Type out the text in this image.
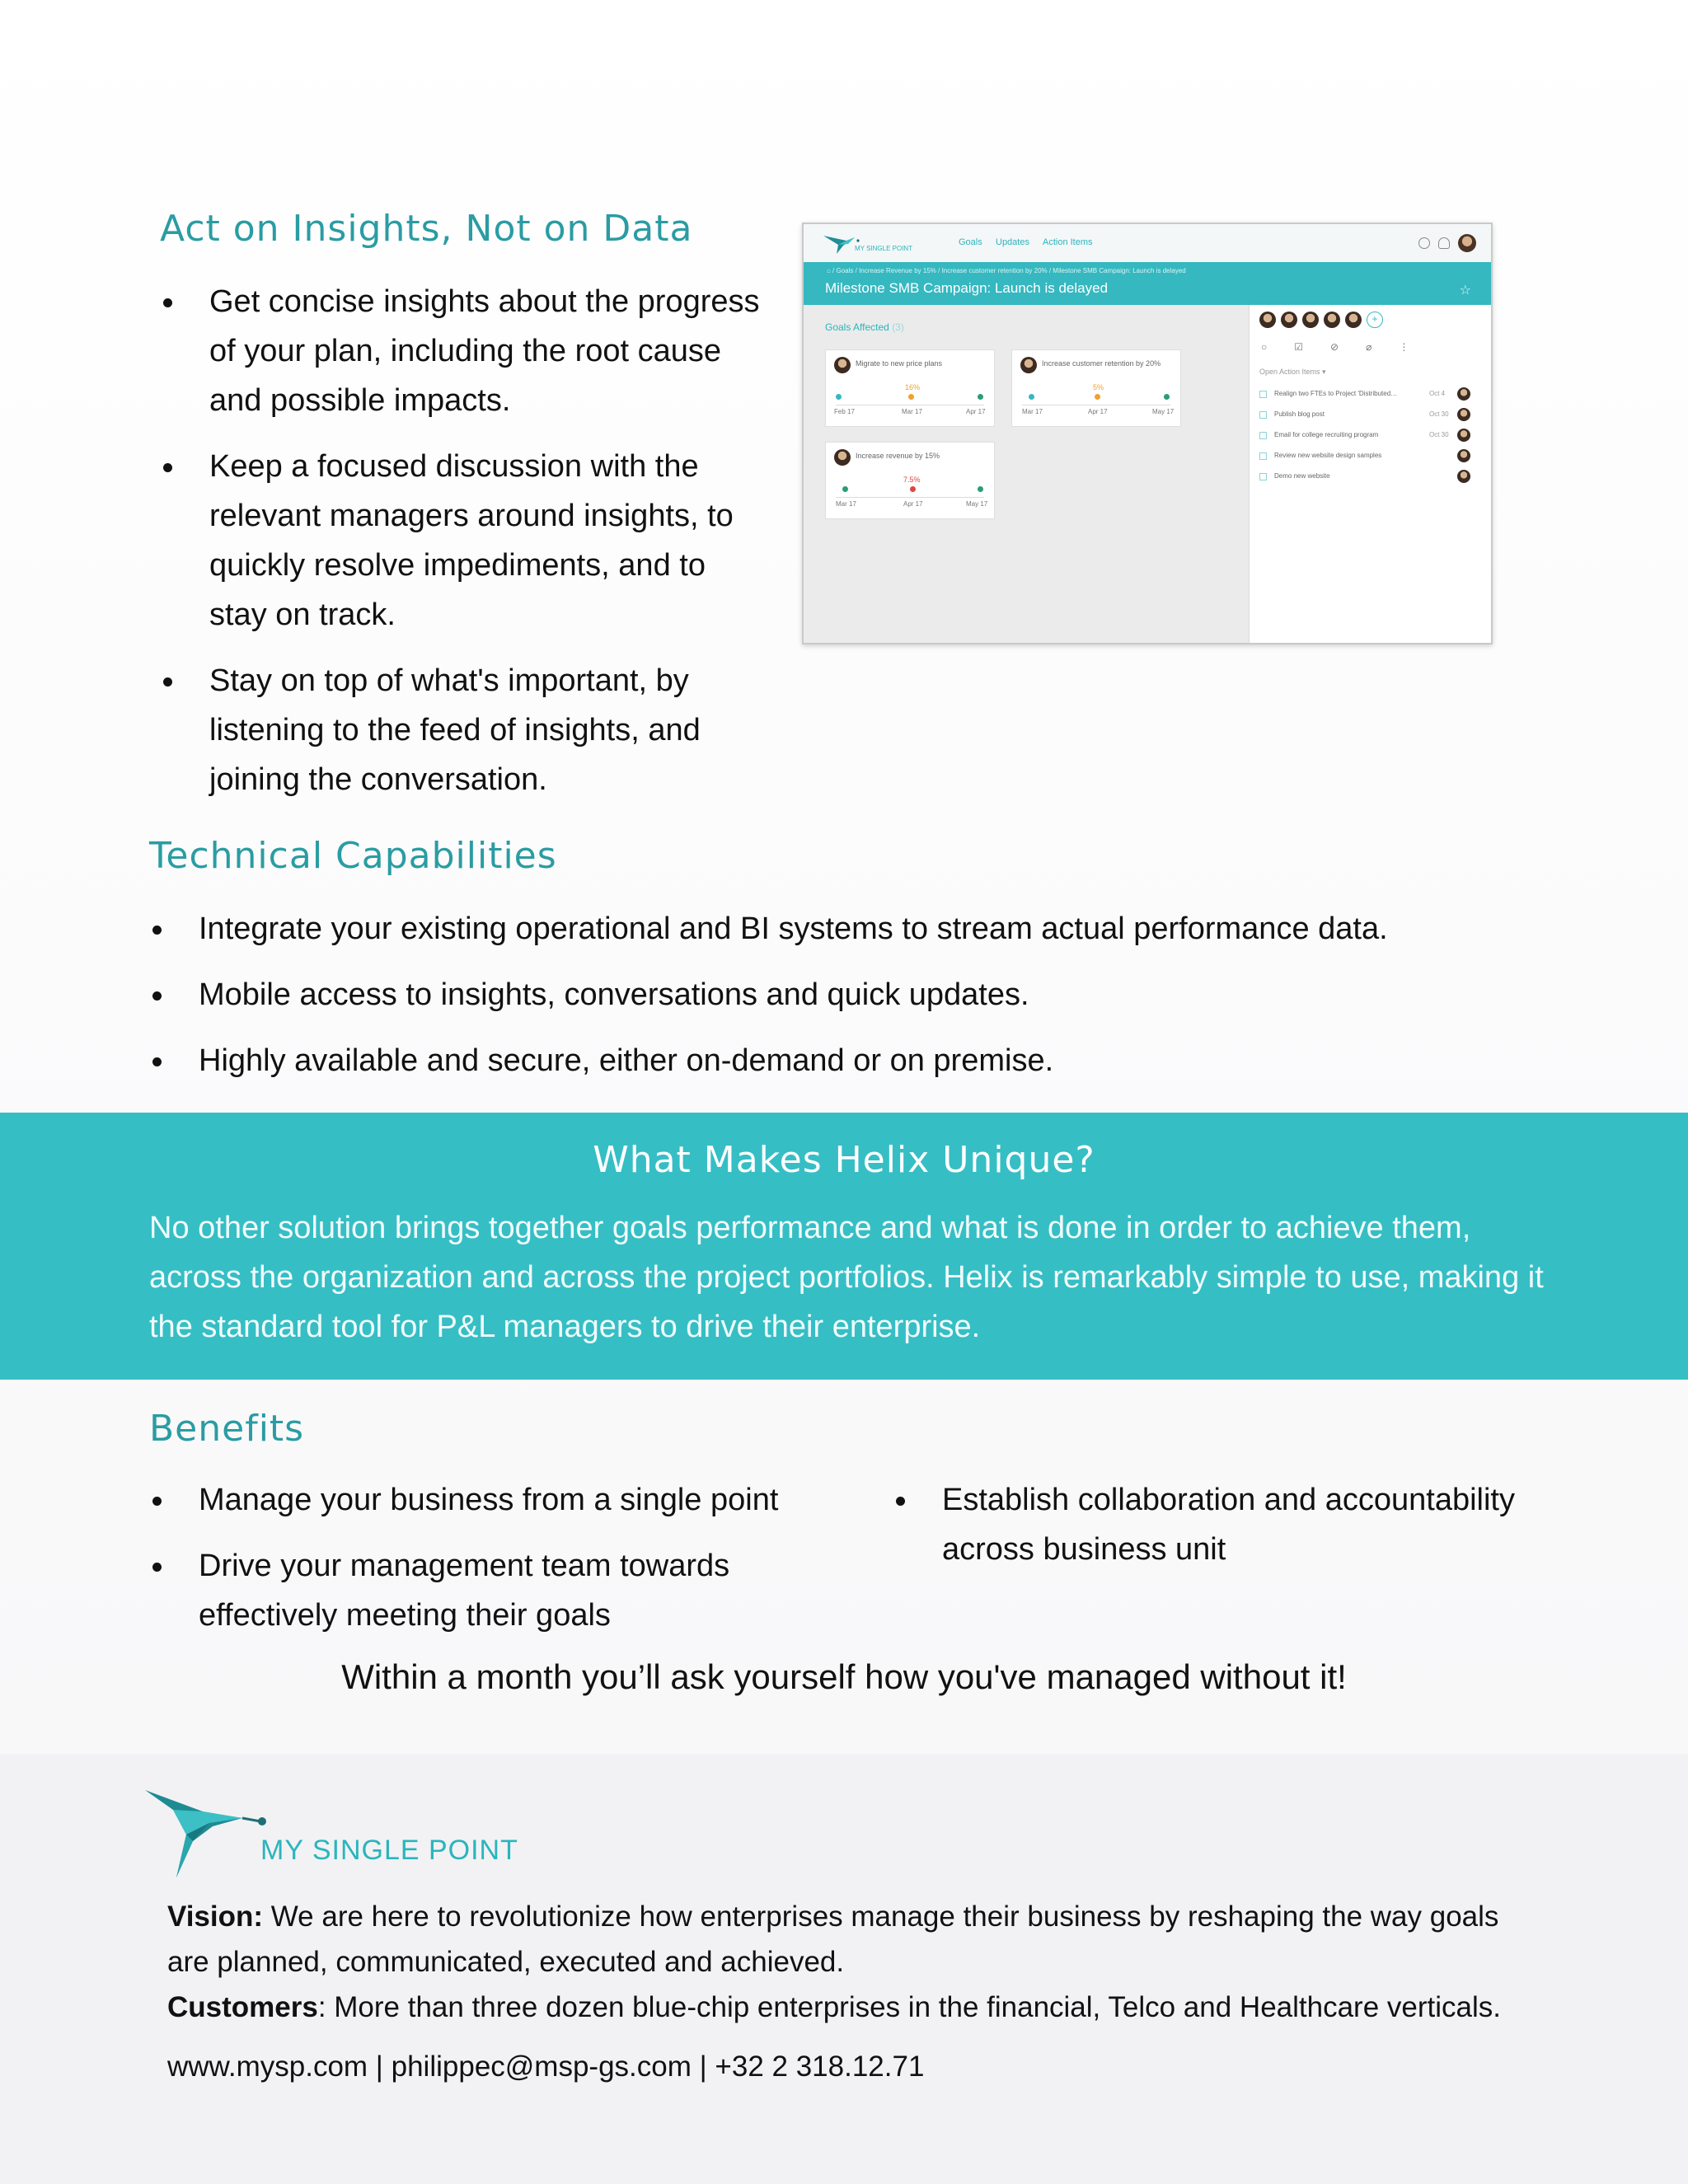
Act on Insights, Not on Data
Get concise insights about the progress of your plan, including the root cause and possible impacts.
Keep a focused discussion with the relevant managers around insights, to quickly resolve impediments, and to stay on track.
Stay on top of what's important, by listening to the feed of insights, and joining the conversation.
MY SINGLE POINT
Goals Updates Action Items
⌂ / Goals / Increase Revenue by 15% / Increase customer retention by 20% / Milestone SMB Campaign: Launch is delayed
Milestone SMB Campaign: Launch is delayed	☆
Goals Affected (3)
Migrate to new price plans
16%
Feb 17	Mar 17	Apr 17
Increase customer retention by 20%
5%
Mar 17	Apr 17	May 17
Increase revenue by 15%
7.5%
Mar 17	Apr 17	May 17
+
○	☑	⊘	⌀	⋮
Open Action Items ▾
Realign two FTEs to Project 'Distributed…	Oct 4
Publish blog post	Oct 30
Email for college recruiting program	Oct 30
Review new website design samples
Demo new website
Technical Capabilities
Integrate your existing operational and BI systems to stream actual performance data.
Mobile access to insights, conversations and quick updates.
Highly available and secure, either on-demand or on premise.
What Makes Helix Unique?
No other solution brings together goals performance and what is done in order to achieve them, across the organization and across the project portfolios. Helix is remarkably simple to use, making it the standard tool for P&L managers to drive their enterprise.
Benefits
Manage your business from a single point
Drive your management team towards effectively meeting their goals
Establish collaboration and accountability across business unit
Within a month you’ll ask yourself how you've managed without it!
MY SINGLE POINT
Vision: We are here to revolutionize how enterprises manage their business by reshaping the way goals are planned, communicated, executed and achieved.
Customers: More than three dozen blue-chip enterprises in the financial, Telco and Healthcare verticals.
www.mysp.com | philippec@msp-gs.com | +32 2 318.12.71
